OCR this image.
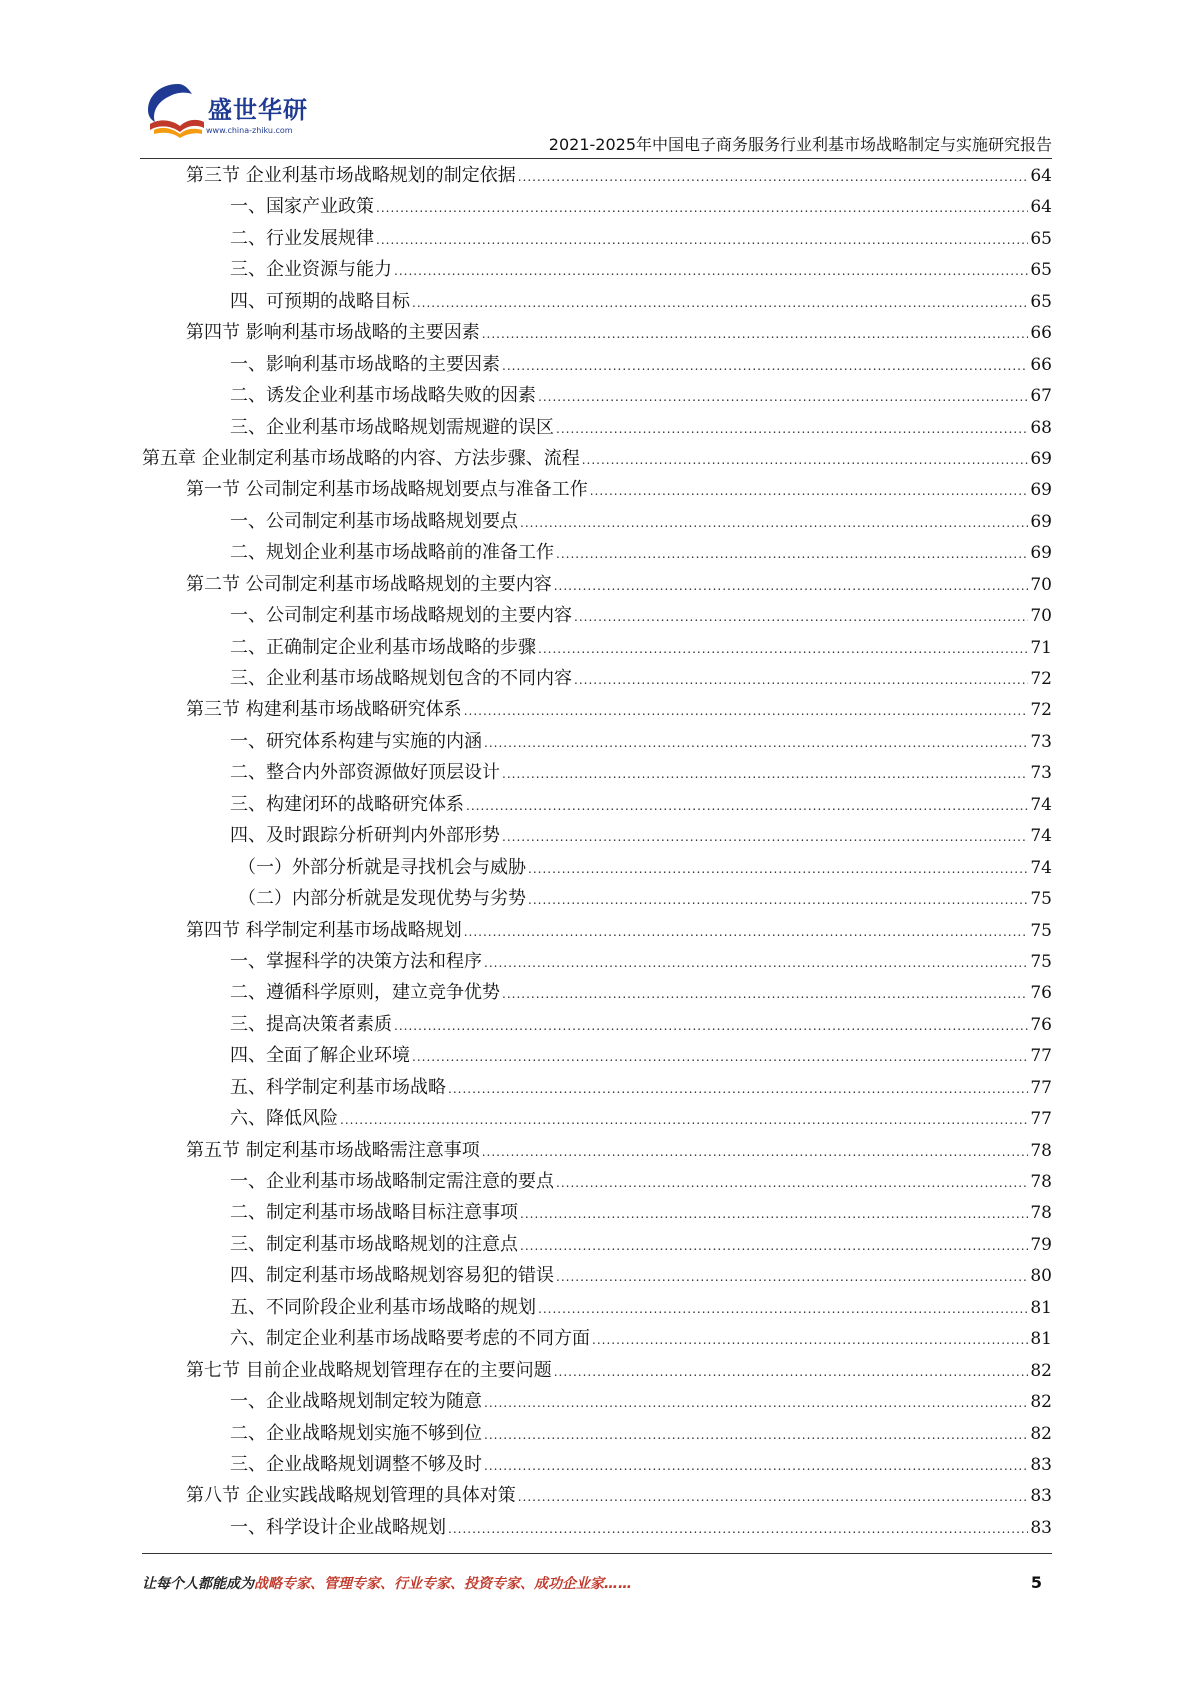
盛世华研
www.china-zhiku.com
2021-2025年中国电子商务服务行业利基市场战略制定与实施研究报告
第三节 企业利基市场战略规划的制定依据 .....	64
一、国家产业政策 .....	64
二、行业发展规律 .....	65
三、企业资源与能力 .....	65
四、可预期的战略目标 .....	65
第四节 影响利基市场战略的主要因素 .....	66
一、影响利基市场战略的主要因素 .....	66
二、诱发企业利基市场战略失败的因素 .....	67
三、企业利基市场战略规划需规避的误区 .....	68
第五章 企业制定利基市场战略的内容、方法步骤、流程 .....	69
第一节 公司制定利基市场战略规划要点与准备工作 .....	69
一、公司制定利基市场战略规划要点 .....	69
二、规划企业利基市场战略前的准备工作 .....	69
第二节 公司制定利基市场战略规划的主要内容 .....	70
一、公司制定利基市场战略规划的主要内容 .....	70
二、正确制定企业利基市场战略的步骤 .....	71
三、企业利基市场战略规划包含的不同内容 .....	72
第三节 构建利基市场战略研究体系 .....	72
一、研究体系构建与实施的内涵 .....	73
二、整合内外部资源做好顶层设计 .....	73
三、构建闭环的战略研究体系 .....	74
四、及时跟踪分析研判内外部形势 .....	74
（一）外部分析就是寻找机会与威胁 .....	74
（二）内部分析就是发现优势与劣势 .....	75
第四节 科学制定利基市场战略规划 .....	75
一、掌握科学的决策方法和程序 .....	75
二、遵循科学原则，建立竞争优势 .....	76
三、提高决策者素质 .....	76
四、全面了解企业环境 .....	77
五、科学制定利基市场战略 .....	77
六、降低风险 .....	77
第五节 制定利基市场战略需注意事项 .....	78
一、企业利基市场战略制定需注意的要点 .....	78
二、制定利基市场战略目标注意事项 .....	78
三、制定利基市场战略规划的注意点 .....	79
四、制定利基市场战略规划容易犯的错误 .....	80
五、不同阶段企业利基市场战略的规划 .....	81
六、制定企业利基市场战略要考虑的不同方面 .....	81
第七节 目前企业战略规划管理存在的主要问题 .....	82
一、企业战略规划制定较为随意 .....	82
二、企业战略规划实施不够到位 .....	82
三、企业战略规划调整不够及时 .....	83
第八节 企业实践战略规划管理的具体对策 .....	83
一、科学设计企业战略规划 .....	83
让每个人都能成为战略专家、管理专家、行业专家、投资专家、成功企业家……	5
